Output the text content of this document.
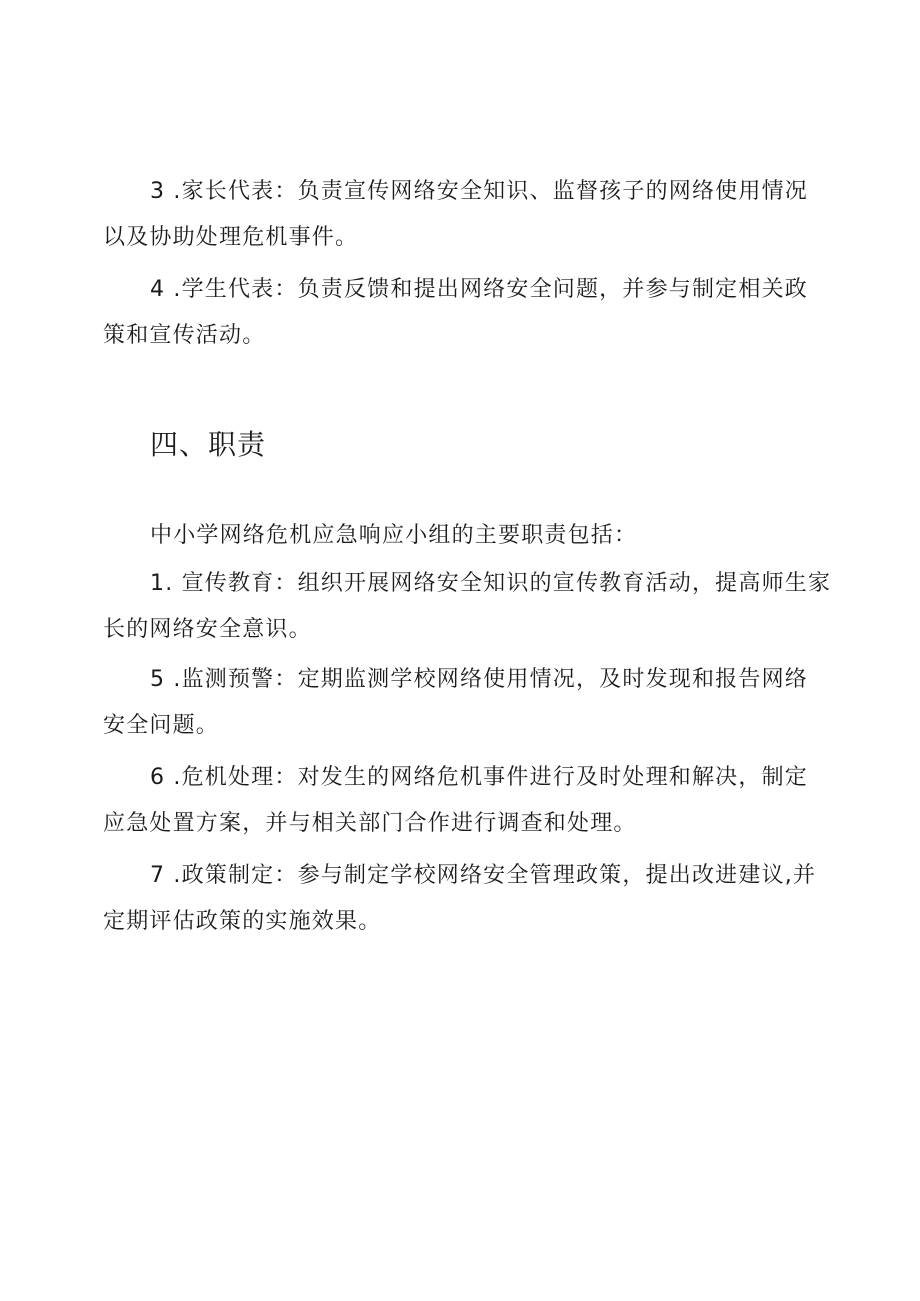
3 .家长代表：负责宣传网络安全知识、监督孩子的网络使用情况
以及协助处理危机事件。

4 .学生代表：负责反馈和提出网络安全问题，并参与制定相关政
策和宣传活动。

四、职责

中小学网络危机应急响应小组的主要职责包括：

1. 宣传教育：组织开展网络安全知识的宣传教育活动，提高师生家
长的网络安全意识。

5 .监测预警：定期监测学校网络使用情况，及时发现和报告网络
安全问题。

6 .危机处理：对发生的网络危机事件进行及时处理和解决，制定
应急处置方案，并与相关部门合作进行调查和处理。

7 .政策制定：参与制定学校网络安全管理政策，提出改进建议,并
定期评估政策的实施效果。
